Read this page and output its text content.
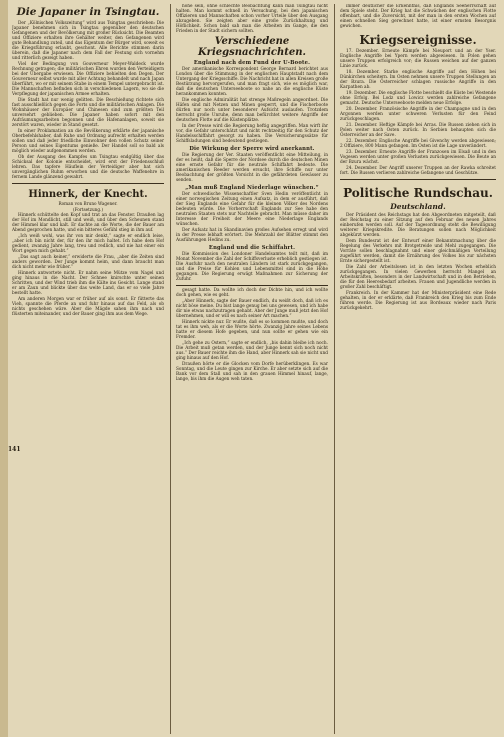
Die Japaner in Tsingtau.

Der „Kölnischen Volkszeitung“ wird aus Tsingtau geschrieben: Die Japaner benehmen sich in Tsingtau gegenüber den deutschen Gefangenen und der Bevölkerung mit großer Rücksicht. Die Beamten und Offiziere erhalten ihre Gehälter weiter, den Gefangenen wird gute Behandlung zuteil, und das Eigentum der Bürger wird, soweit es die Kriegsführung erlaubt, geschont. Alle Berichte stimmen darin überein, daß die Japaner nach dem Fall der Festung sich vornehm und ritterlich gezeigt haben.

Viel der Bedingung von Gouverneur Meyer-Waldeck wurde Rechnung getragen; die militärischen Ehren wurden den Verteidigern bei der Übergabe erwiesen. Die Offiziere behielten den Degen. Der Gouverneur selbst wurde mit aller Achtung behandelt und nach Japan überführt, wo er mit seinem Stabe in einem Tempel untergebracht ist. Die Mannschaften befinden sich in verschiedenen Lagern, wo sie die Verpflegung der japanischen Armee erhalten.

Die Stadt hat nur wenig gelitten. Die Beschießung richtete sich fast ausschließlich gegen die Forts und die militärischen Anlagen. Die Wohnhäuser der Europäer und Chinesen sind zum größten Teil unversehrt geblieben. Die Japaner haben sofort mit den Aufräumungsarbeiten begonnen und die Hafenanlagen, soweit sie zerstört waren, wieder in Stand gesetzt.

In einer Proklamation an die Bevölkerung erklärte der japanische Oberbefehlshaber, daß Ruhe und Ordnung aufrecht erhalten werden sollen und daß jeder friedliche Einwohner den vollen Schutz seiner Person und seines Eigentums genieße. Der Handel soll so bald als möglich wieder aufgenommen werden.

Ob der Ausgang des Kampfes um Tsingtau endgültig über das Schicksal der Kolonie entscheidet, wird erst der Friedensschluß lehren. Das tapfere Häuflein der Verteidiger aber hat sich unvergänglichen Ruhm erworben und die deutsche Waffenehre in fernem Lande glänzend gewahrt.

Hinnerk, der Knecht.
Roman von Bruno Wagener.
(Fortsetzung.)

Hinnerk schüttelte den Kopf und trat an das Fenster. Draußen lag der Hof im Mondlicht, still und weiß, und über den Scheunen stand der Himmel klar und kalt. Er dachte an die Worte, die der Bauer am Abend gesprochen hatte, und ein bitteres Gefühl stieg in ihm auf.

„Ich weiß wohl, was ihr von mir denkt,“ sagte er endlich leise, „aber ich bin nicht der, für den ihr mich haltet. Ich habe dem Hof gedient, zwanzig Jahre lang, treu und redlich, und nie hat einer ein Wort gegen mich gehabt.“

„Das sagt auch keiner,“ erwiderte die Frau, „aber die Zeiten sind anders geworden. Der Junge kommt heim, und dann braucht man dich nicht mehr wie früher.“

Hinnerk antwortete nicht. Er nahm seine Mütze vom Nagel und ging hinaus in die Nacht. Der Schnee knirschte unter seinen Schritten, und der Wind trieb ihm die Kälte ins Gesicht. Lange stand er am Zaun und blickte über das weite Land, das er so viele Jahre bestellt hatte.

Am anderen Morgen war er früher auf als sonst. Er fütterte das Vieh, spannte die Pferde an und fuhr hinaus auf das Feld, als ob nichts geschehen wäre. Aber die Mägde sahen ihm nach und flüsterten miteinander, und der Bauer ging ihm aus dem Wege.

hohe sein, ohne schlechte Beobachtung kann man Tsingtau nicht halten. Man kommt schnell in Versuchung, bei den japanischen Offizieren und Mannschaften schon vorher Urteile über den Ausgang abzugeben. Sie zeigten aber eine große Zurückhaltung und Höflichkeit. Schon bald sah man die Arbeiten im Gange, die den Frieden in der Stadt sichern sollten.

Verschiedene Kriegsnachrichten.
England nach dem Fund der U-Boote.

Der amerikanische Korrespondent George Bernard berichtet aus London über die Stimmung in der englischen Hauptstadt nach dem Untergang der Kriegsschiffe. Die Nachricht hat in allen Kreisen große Bestürzung hervorgerufen, und man fragt sich, wie es möglich war, daß die deutschen Unterseeboote so nahe an die englische Küste herankommen konnten.

Die englische Admiralität hat strenge Maßregeln angeordnet. Die Häfen sind mit Netzen und Minen gesperrt, und die Fischerboote dürfen nur noch unter besonderer Aufsicht auslaufen. Trotzdem herrscht große Unruhe, denn man befürchtet weitere Angriffe der deutschen Flotte auf die Küstenplätze.

In der Presse wird die Regierung heftig angegriffen. Man wirft ihr vor, die Gefahr unterschätzt und nicht rechtzeitig für den Schutz der Handelsschiffahrt gesorgt zu haben. Die Versicherungssätze für Schiffsladungen sind bedeutend gestiegen.

Die Wirkung der Sperre wird anerkannt.

Die Regierung der Ver. Staaten veröffentlicht eine Mitteilung, in der es heißt, daß die Sperre der Nordsee durch die deutschen Minen eine ernste Gefahr für die neutrale Schiffahrt bedeute. Die amerikanischen Reeder werden ersucht, ihre Schiffe nur unter Beobachtung der größten Vorsicht in die gefährdeten Gewässer zu senden.

„Man muß England Niederlage wünschen.“

Der schwedische Wissenschaftler Sven Hedin veröffentlicht in einer norwegischen Zeitung einen Aufsatz, in dem er ausführt, daß der Sieg Englands eine Gefahr für die kleinen Völker des Nordens bedeuten würde. Die Vorherrschaft Englands zur See habe den neutralen Staaten stets nur Nachteile gebracht. Man müsse daher im Interesse der Freiheit der Meere eine Niederlage Englands wünschen.

Der Aufsatz hat in Skandinavien großes Aufsehen erregt und wird in der Presse lebhaft erörtert. Die Mehrzahl der Blätter stimmt den Ausführungen Hedins zu.

England und die Schiffahrt.

Die Kommission des Londoner Handelsamtes teilt mit, daß im Monat November die Zahl der Schiffsverluste erheblich gestiegen ist. Die Ausfuhr nach den neutralen Ländern ist stark zurückgegangen, und die Preise für Kohlen und Lebensmittel sind in die Höhe gegangen. Die Regierung erwägt Maßnahmen zur Sicherung der Zufuhr.

gesagt hatte. Da wollte ich doch der Dichte hin, und ich wollte doch gehen, wie es geht.

„Aber Hinnerk, sagte der Bauer endlich, du weißt doch, daß ich es nicht böse meine. Du bist lange genug bei uns gewesen, und ich habe dir nie etwas nachzutragen gehabt. Aber der Junge muß jetzt den Hof übernehmen, und er will es nach seiner Art machen.“

Hinnerk nickte nur. Er wußte, daß es so kommen mußte, und doch tat es ihm weh, als er die Worte hörte. Zwanzig Jahre seines Lebens hatte er diesem Hofe gegeben, und nun sollte er gehen wie ein Fremder.

„Ich gehe zu Ostern,“ sagte er endlich, „bis dahin bleibe ich noch. Die Arbeit muß getan werden, und der Junge kennt sich noch nicht aus.“ Der Bauer reichte ihm die Hand, aber Hinnerk sah sie nicht und ging hinaus auf den Hof.

Draußen hörte er die Glocken vom Dorfe herüberklingen. Es war Sonntag, und die Leute gingen zur Kirche. Er aber setzte sich auf die Bank vor dem Stall und sah in den grauen Himmel hinauf, lange, lange, bis ihm die Augen weh taten.

immer deutlicher die Erkenntnis, daß Englands Seeherrschaft auf dem Spiele steht. Der Krieg hat die Schwächen der englischen Flotte offenbart, und die Zuversicht, mit der man in den ersten Wochen auf einen schnellen Sieg gerechnet hatte, ist einer ernsten Besorgnis gewichen.

Kriegsereignisse.

17. Dezember. Erneute Kämpfe bei Nieuport und an der Yser. Englische Angriffe bei Ypern werden abgewiesen. In Polen gehen unsere Truppen erfolgreich vor; die Russen weichen auf der ganzen Linie zurück.

18. Dezember. Starke englische Angriffe auf den Höhen bei Dünkirchen scheitern. Im Osten nehmen unsere Truppen Stellungen an der Bzura. Die Österreicher schlagen russische Angriffe in den Karpathen ab.

19. Dezember. Die englische Flotte beschießt die Küste bei Westende ohne Erfolg. Bei Lodz und Lowicz werden zahlreiche Gefangene gemacht. Deutsche Unterseeboote melden neue Erfolge.

20. Dezember. Französische Angriffe in der Champagne und in den Argonnen werden unter schweren Verlusten für den Feind zurückgeschlagen.

21. Dezember. Heftige Kämpfe bei Arras. Die Russen ziehen sich in Polen weiter nach Osten zurück. In Serbien behaupten sich die Österreicher an der Save.

22. Dezember. Englische Angriffe bei Givenchy werden abgewiesen; 2 Offiziere, 800 Mann gefangen. Im Osten ist die Lage unverändert.

23. Dezember. Erneute Angriffe der Franzosen im Elsaß und in den Vogesen werden unter großen Verlusten zurückgewiesen. Die Beute an der Bzura wächst.

24. Dezember. Der Angriff unserer Truppen an der Rawka schreitet fort. Die Russen verlieren zahlreiche Gefangene und Geschütze.

Politische Rundschau.
Deutschland.

Der Präsident des Reichstags hat den Abgeordneten mitgeteilt, daß der Reichstag zu einer Sitzung auf den Februar des neuen Jahres einberufen werden soll. Auf der Tagesordnung steht die Bewilligung weiterer Kriegskredite. Die Beratungen sollen nach Möglichkeit abgekürzt werden.

Dem Bundesrat ist der Entwurf einer Bekanntmachung über die Regelung des Verkehrs mit Brotgetreide und Mehl zugegangen. Die Vorräte sollen beschlagnahmt und einer gleichmäßigen Verteilung zugeführt werden, damit die Ernährung des Volkes bis zur nächsten Ernte sichergestellt ist.

Die Zahl der Arbeitslosen ist in den letzten Wochen erheblich zurückgegangen. In vielen Gewerben herrscht Mangel an Arbeitskräften, besonders in der Landwirtschaft und in den Betrieben, die für den Heeresbedarf arbeiten. Frauen und Jugendliche werden in großer Zahl beschäftigt.

Frankreich. In der Kammer hat der Ministerpräsident eine Rede gehalten, in der er erklärte, daß Frankreich den Krieg bis zum Ende führen werde. Die Regierung ist aus Bordeaux wieder nach Paris zurückgekehrt.

141
